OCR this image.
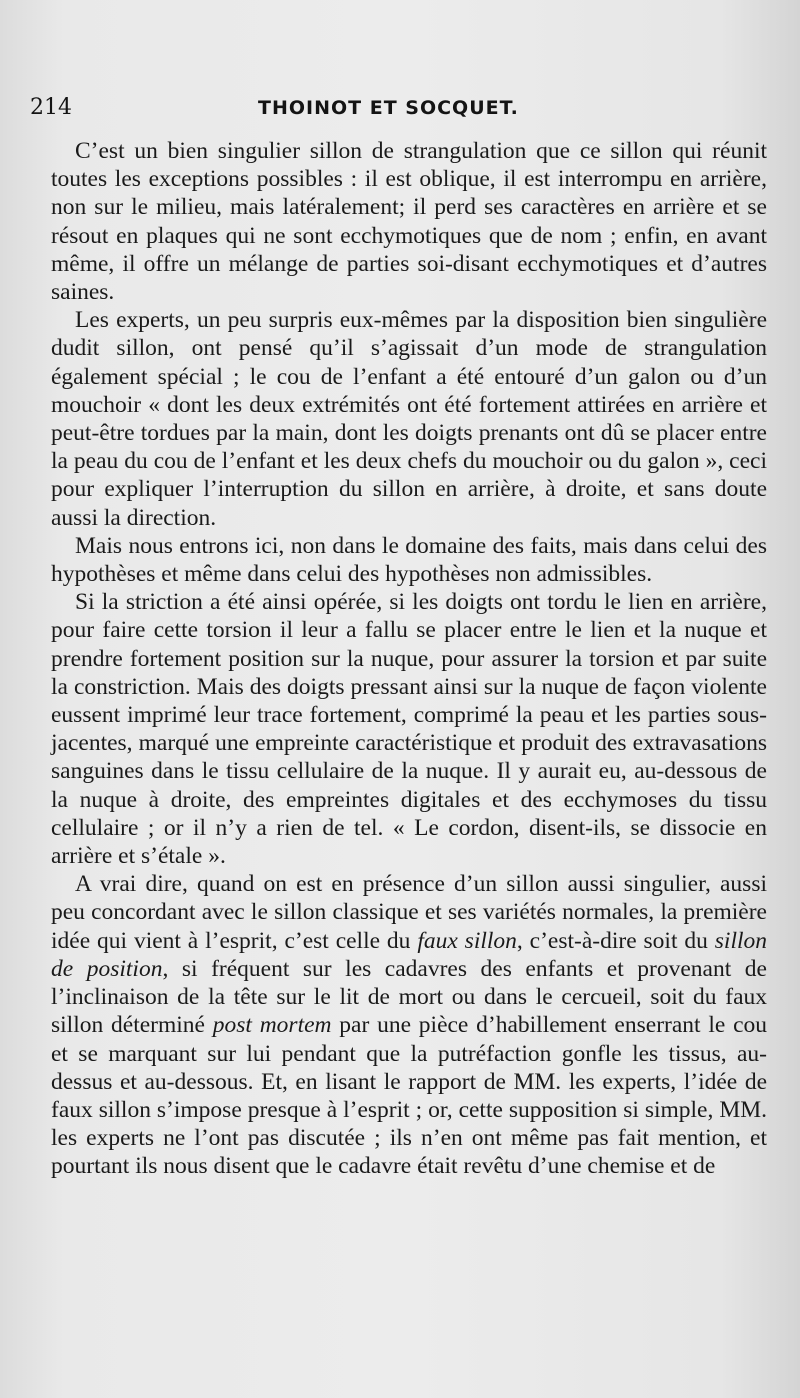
214	THOINOT ET SOCQUET.

C’est un bien singulier sillon de strangulation que ce sillon qui réunit toutes les exceptions possibles : il est oblique, il est interrompu en arrière, non sur le milieu, mais latéralement; il perd ses caractères en arrière et se résout en plaques qui ne sont ecchymotiques que de nom ; enfin, en avant même, il offre un mélange de parties soi-disant ecchymotiques et d’autres saines.

Les experts, un peu surpris eux-mêmes par la disposition bien singulière dudit sillon, ont pensé qu’il s’agissait d’un mode de strangulation également spécial ; le cou de l’enfant a été entouré d’un galon ou d’un mouchoir « dont les deux extrémités ont été fortement attirées en arrière et peut-être tordues par la main, dont les doigts prenants ont dû se placer entre la peau du cou de l’enfant et les deux chefs du mouchoir ou du galon », ceci pour expliquer l’interruption du sillon en arrière, à droite, et sans doute aussi la direction.

Mais nous entrons ici, non dans le domaine des faits, mais dans celui des hypothèses et même dans celui des hypothèses non admissibles.

Si la striction a été ainsi opérée, si les doigts ont tordu le lien en arrière, pour faire cette torsion il leur a fallu se placer entre le lien et la nuque et prendre fortement position sur la nuque, pour assurer la torsion et par suite la constriction. Mais des doigts pressant ainsi sur la nuque de façon violente eussent imprimé leur trace fortement, comprimé la peau et les parties sous-jacentes, marqué une empreinte caractéristique et produit des extravasations sanguines dans le tissu cellulaire de la nuque. Il y aurait eu, au-dessous de la nuque à droite, des empreintes digitales et des ecchymoses du tissu cellulaire ; or il n’y a rien de tel. « Le cordon, disent-ils, se dissocie en arrière et s’étale ».

A vrai dire, quand on est en présence d’un sillon aussi singulier, aussi peu concordant avec le sillon classique et ses variétés normales, la première idée qui vient à l’esprit, c’est celle du faux sillon, c’est-à-dire soit du sillon de position, si fréquent sur les cadavres des enfants et provenant de l’inclinaison de la tête sur le lit de mort ou dans le cercueil, soit du faux sillon déterminé post mortem par une pièce d’habillement enserrant le cou et se marquant sur lui pendant que la putréfaction gonfle les tissus, au-dessus et au-dessous. Et, en lisant le rapport de MM. les experts, l’idée de faux sillon s’impose presque à l’esprit ; or, cette supposition si simple, MM. les experts ne l’ont pas discutée ; ils n’en ont même pas fait mention, et pourtant ils nous disent que le cadavre était revêtu d’une chemise et de
